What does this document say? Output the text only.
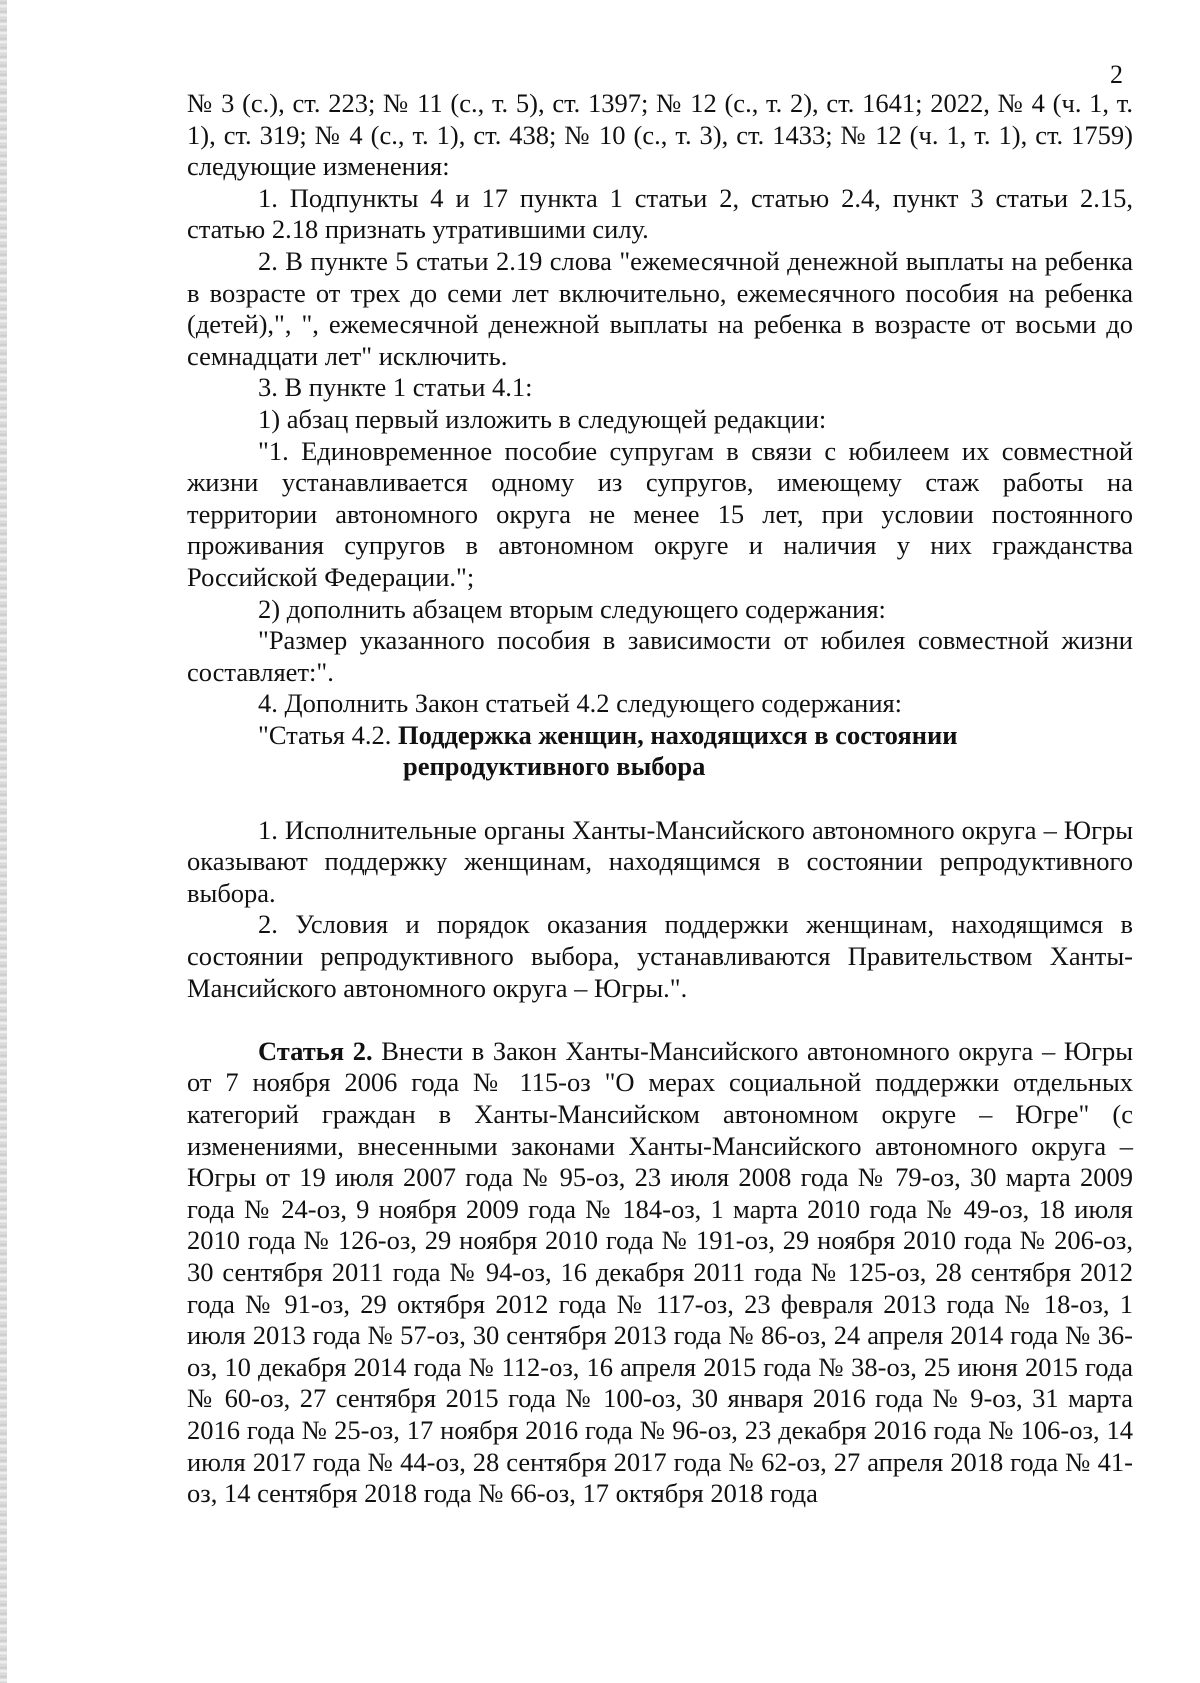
2

№ 3 (с.), ст. 223; № 11 (с., т. 5), ст. 1397; № 12 (с., т. 2), ст. 1641; 2022, № 4 (ч. 1, т. 1), ст. 319; № 4 (с., т. 1), ст. 438; № 10 (с., т. 3), ст. 1433; № 12 (ч. 1, т. 1), ст. 1759) следующие изменения:

1. Подпункты 4 и 17 пункта 1 статьи 2, статью 2.4, пункт 3 статьи 2.15, статью 2.18 признать утратившими силу.

2. В пункте 5 статьи 2.19 слова "ежемесячной денежной выплаты на ребенка в возрасте от трех до семи лет включительно, ежемесячного пособия на ребенка (детей),", ", ежемесячной денежной выплаты на ребенка в возрасте от восьми до семнадцати лет" исключить.

3. В пункте 1 статьи 4.1:

1) абзац первый изложить в следующей редакции:

"1. Единовременное пособие супругам в связи с юбилеем их совместной жизни устанавливается одному из супругов, имеющему стаж работы на территории автономного округа не менее 15 лет, при условии постоянного проживания супругов в автономном округе и наличия у них гражданства Российской Федерации.";

2) дополнить абзацем вторым следующего содержания:

"Размер указанного пособия в зависимости от юбилея совместной жизни составляет:".

4. Дополнить Закон статьей 4.2 следующего содержания:

"Статья 4.2. Поддержка женщин, находящихся в состоянии
репродуктивного выбора

1. Исполнительные органы Ханты-Мансийского автономного округа – Югры оказывают поддержку женщинам, находящимся в состоянии репродуктивного выбора.

2. Условия и порядок оказания поддержки женщинам, находящимся в состоянии репродуктивного выбора, устанавливаются Правительством Ханты-Мансийского автономного округа – Югры.".

Статья 2. Внести в Закон Ханты-Мансийского автономного округа – Югры от 7 ноября 2006 года № 115-оз "О мерах социальной поддержки отдельных категорий граждан в Ханты-Мансийском автономном округе – Югре" (с изменениями, внесенными законами Ханты-Мансийского автономного округа – Югры от 19 июля 2007 года № 95-оз, 23 июля 2008 года № 79-оз, 30 марта 2009 года № 24-оз, 9 ноября 2009 года № 184-оз, 1 марта 2010 года № 49-оз, 18 июля 2010 года № 126-оз, 29 ноября 2010 года № 191-оз, 29 ноября 2010 года № 206-оз, 30 сентября 2011 года № 94-оз, 16 декабря 2011 года № 125-оз, 28 сентября 2012 года № 91-оз, 29 октября 2012 года № 117-оз, 23 февраля 2013 года № 18-оз, 1 июля 2013 года № 57-оз, 30 сентября 2013 года № 86-оз, 24 апреля 2014 года № 36-оз, 10 декабря 2014 года № 112-оз, 16 апреля 2015 года № 38-оз, 25 июня 2015 года № 60-оз, 27 сентября 2015 года № 100-оз, 30 января 2016 года № 9-оз, 31 марта 2016 года № 25-оз, 17 ноября 2016 года № 96-оз, 23 декабря 2016 года № 106-оз, 14 июля 2017 года № 44-оз, 28 сентября 2017 года № 62-оз, 27 апреля 2018 года № 41-оз, 14 сентября 2018 года № 66-оз, 17 октября 2018 года
